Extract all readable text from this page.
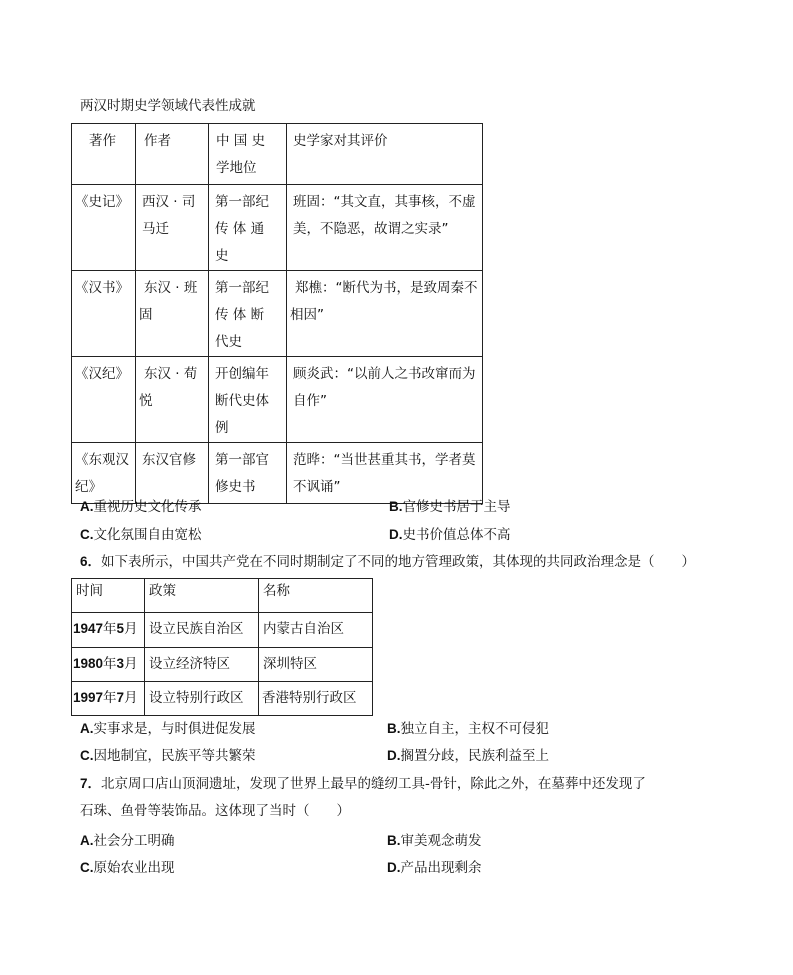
两汉时期史学领域代表性成就
著作	作者	中 国 史学地位	史学家对其评价

《史记》	西汉 · 司马迁	第一部纪 传 体 通 史	班固：“其文直，其事核，不虚美，不隐恶，故谓之实录”

《汉书》	东汉 · 班固	第一部纪 传 体 断 代史	郑樵：“断代为书，是致周秦不相因”

《汉纪》	东汉 · 荀悦	开创编年 断代史体 例	顾炎武：“以前人之书改窜而为自作”

《东观汉纪》	东汉官修	第一部官 修史书	范晔：“当世甚重其书，学者莫不讽诵”
A.重视历史文化传承	B.官修史书居于主导
C.文化氛围自由宽松	D.史书价值总体不高
6．如下表所示，中国共产党在不同时期制定了不同的地方管理政策，其体现的共同政治理念是（　　）
时间	政策	名称

1947年5月	设立民族自治区	内蒙古自治区

1980年3月	设立经济特区	深圳特区

1997年7月	设立特别行政区	香港特别行政区
A.实事求是，与时俱进促发展	B.独立自主，主权不可侵犯
C.因地制宜，民族平等共繁荣	D.搁置分歧，民族利益至上
7．北京周口店山顶洞遗址，发现了世界上最早的缝纫工具-骨针，除此之外，在墓葬中还发现了
石珠、鱼骨等装饰品。这体现了当时（　　）
A.社会分工明确	B.审美观念萌发
C.原始农业出现	D.产品出现剩余
